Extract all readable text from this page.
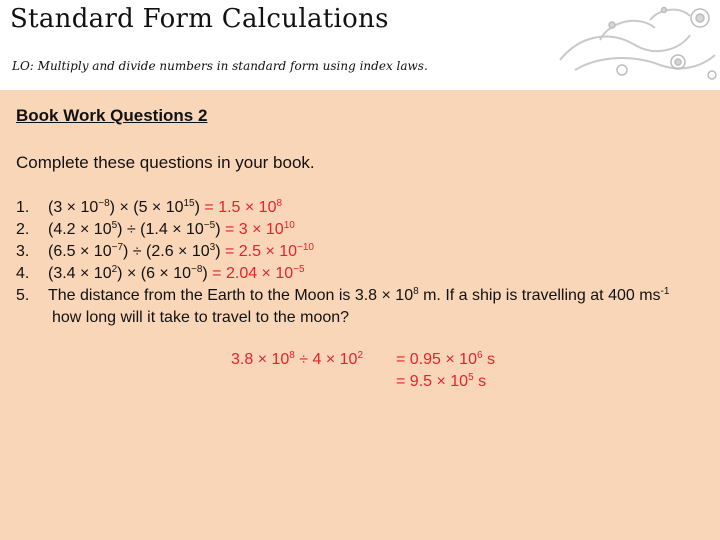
Standard Form Calculations
LO: Multiply and divide numbers in standard form using index laws.
Book Work Questions 2
Complete these questions in your book.
1. $(3 \times 10^{-8}) \times (5 \times 10^{15}) = 1.5 \times 10^8$
2. $(4.2 \times 10^5) \div (1.4 \times 10^{-5}) = 3 \times 10^{10}$
3. $(6.5 \times 10^{-7}) \div (2.6 \times 10^3) = 2.5 \times 10^{-10}$
4. $(3.4 \times 10^2) \times (6 \times 10^{-8}) = 2.04 \times 10^{-5}$
5. The distance from the Earth to the Moon is $3.8 \times 10^8$ m. If a ship is travelling at 400 $ms^{-1}$
how long will it take to travel to the moon?
$3.8 \times 10^8 \div 4 \times 10^2 = 0.95 \times 10^6$ s
= $9.5 \times 10^5$ s
